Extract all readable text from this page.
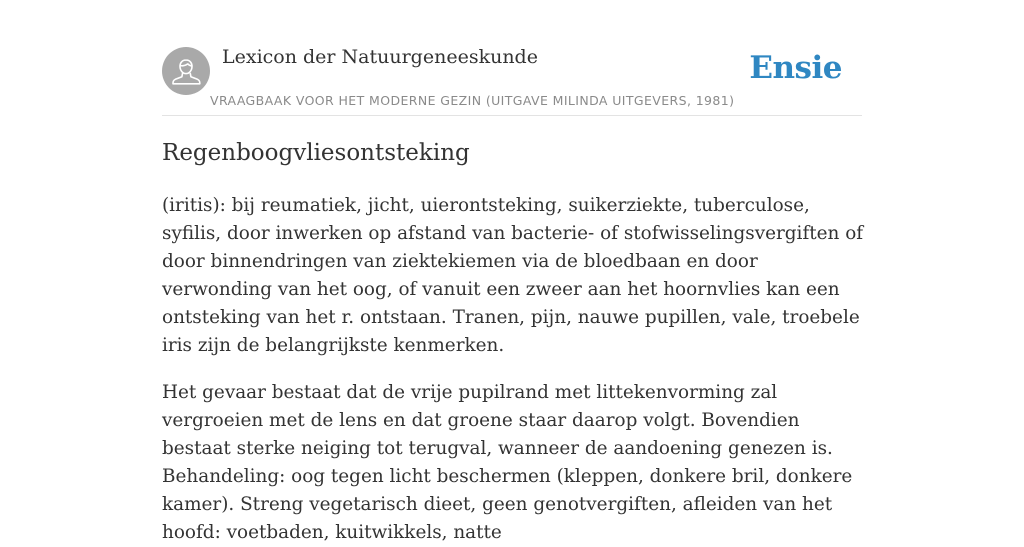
Lexicon der Natuurgeneeskunde
VRAAGBAAK VOOR HET MODERNE GEZIN (UITGAVE MILINDA UITGEVERS, 1981)
Ensie
Regenboogvliesontsteking

(iritis): bij reumatiek, jicht, uierontsteking, suikerziekte, tuberculose, syfilis, door inwerken op afstand van bacterie- of stofwisselingsvergiften of door binnendringen van ziektekiemen via de bloedbaan en door verwonding van het oog, of vanuit een zweer aan het hoornvlies kan een ontsteking van het r. ontstaan. Tranen, pijn, nauwe pupillen, vale, troebele iris zijn de belangrijkste kenmerken.

Het gevaar bestaat dat de vrije pupilrand met littekenvorming zal vergroeien met de lens en dat groene staar daarop volgt. Bovendien bestaat sterke neiging tot terugval, wanneer de aandoening genezen is. Behandeling: oog tegen licht beschermen (kleppen, donkere bril, donkere kamer). Streng vegetarisch dieet, geen genotvergiften, afleiden van het hoofd: voetbaden, kuitwikkels, natte
